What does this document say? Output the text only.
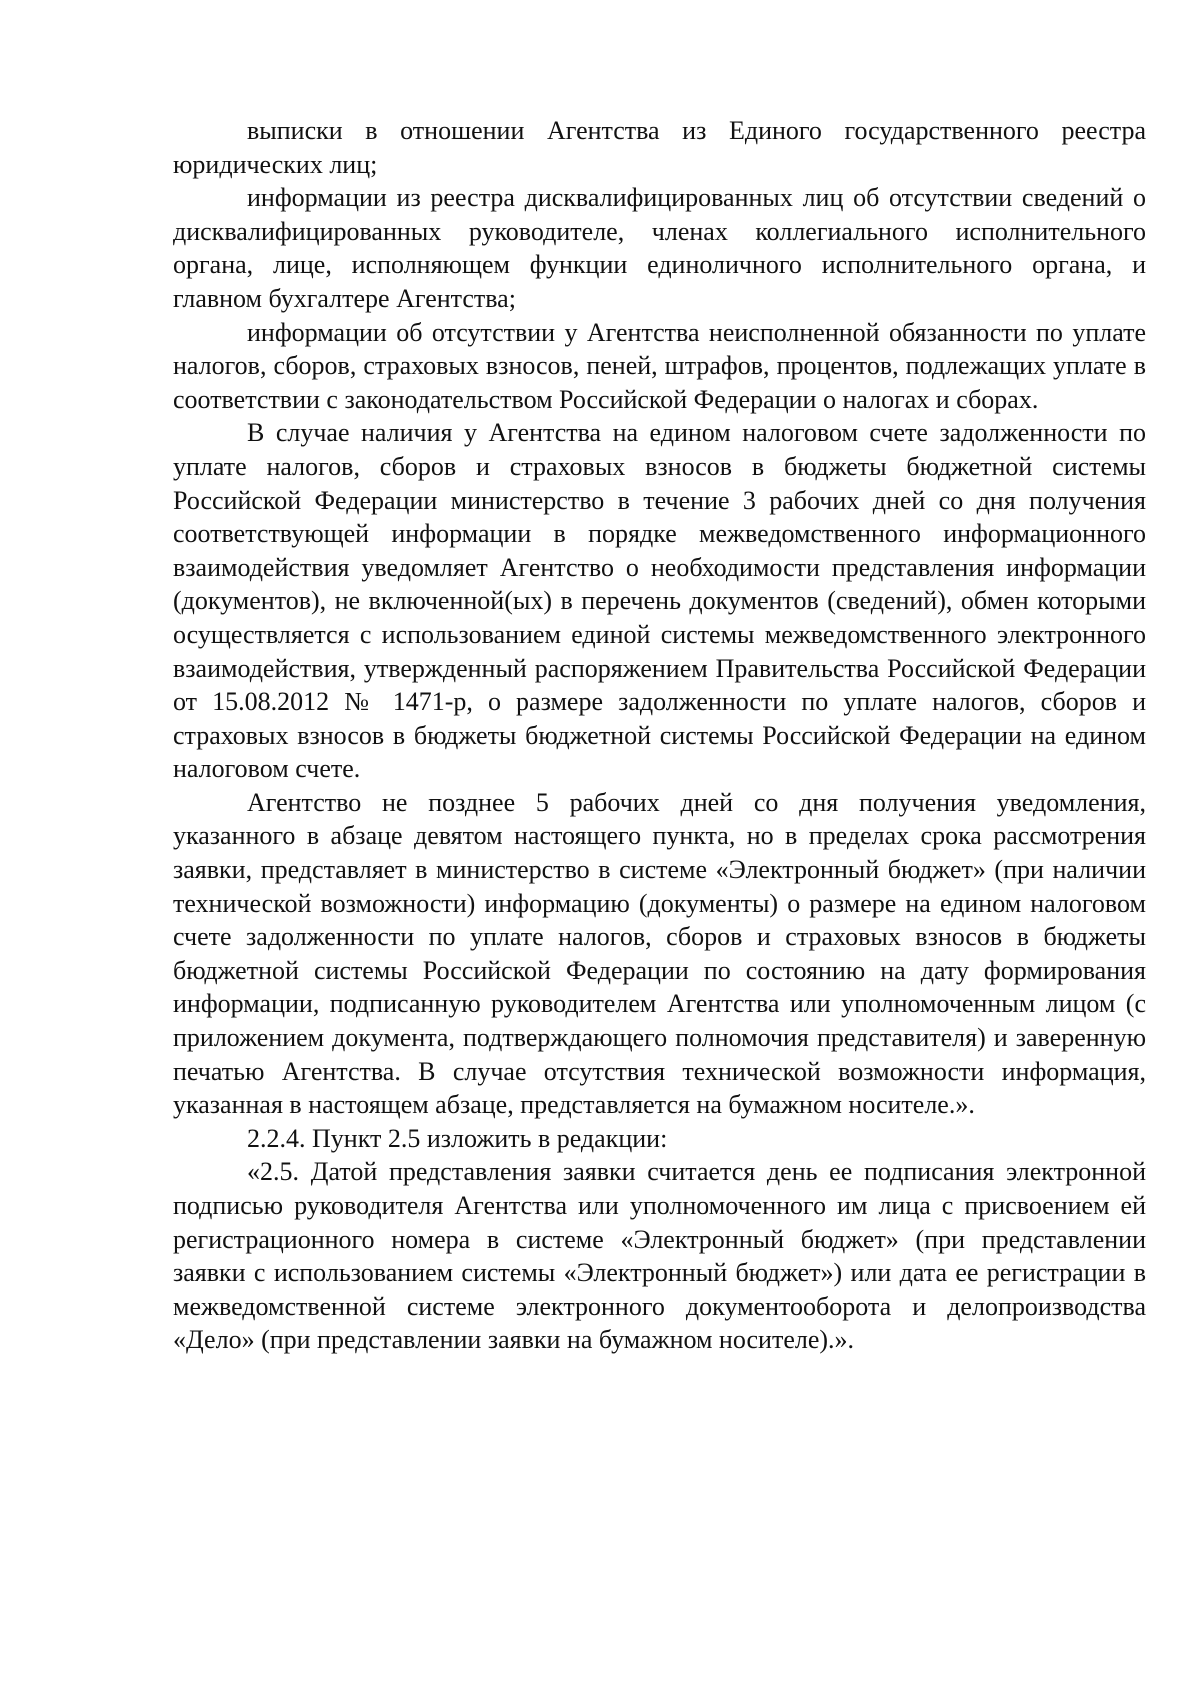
выписки в отношении Агентства из Единого государственного реестра юридических лиц;

информации из реестра дисквалифицированных лиц об отсутствии сведений о дисквалифицированных руководителе, членах коллегиального исполнительного органа, лице, исполняющем функции единоличного исполнительного органа, и главном бухгалтере Агентства;

информации об отсутствии у Агентства неисполненной обязанности по уплате налогов, сборов, страховых взносов, пеней, штрафов, процентов, подлежащих уплате в соответствии с законодательством Российской Федерации о налогах и сборах.

В случае наличия у Агентства на едином налоговом счете задолженности по уплате налогов, сборов и страховых взносов в бюджеты бюджетной системы Российской Федерации министерство в течение 3 рабочих дней со дня получения соответствующей информации в порядке межведомственного информационного взаимодействия уведомляет Агентство о необходимости представления информации (документов), не включенной(ых) в перечень документов (сведений), обмен которыми осуществляется с использованием единой системы межведомственного электронного взаимодействия, утвержденный распоряжением Правительства Российской Федерации от 15.08.2012 № 1471-р, о размере задолженности по уплате налогов, сборов и страховых взносов в бюджеты бюджетной системы Российской Федерации на едином налоговом счете.

Агентство не позднее 5 рабочих дней со дня получения уведомления, указанного в абзаце девятом настоящего пункта, но в пределах срока рассмотрения заявки, представляет в министерство в системе «Электронный бюджет» (при наличии технической возможности) информацию (документы) о размере на едином налоговом счете задолженности по уплате налогов, сборов и страховых взносов в бюджеты бюджетной системы Российской Федерации по состоянию на дату формирования информации, подписанную руководителем Агентства или уполномоченным лицом (с приложением документа, подтверждающего полномочия представителя) и заверенную печатью Агентства. В случае отсутствия технической возможности информация, указанная в настоящем абзаце, представляется на бумажном носителе.».

2.2.4. Пункт 2.5 изложить в редакции:

«2.5. Датой представления заявки считается день ее подписания электронной подписью руководителя Агентства или уполномоченного им лица с присвоением ей регистрационного номера в системе «Электронный бюджет» (при представлении заявки с использованием системы «Электронный бюджет») или дата ее регистрации в межведомственной системе электронного документооборота и делопроизводства «Дело» (при представлении заявки на бумажном носителе).».
